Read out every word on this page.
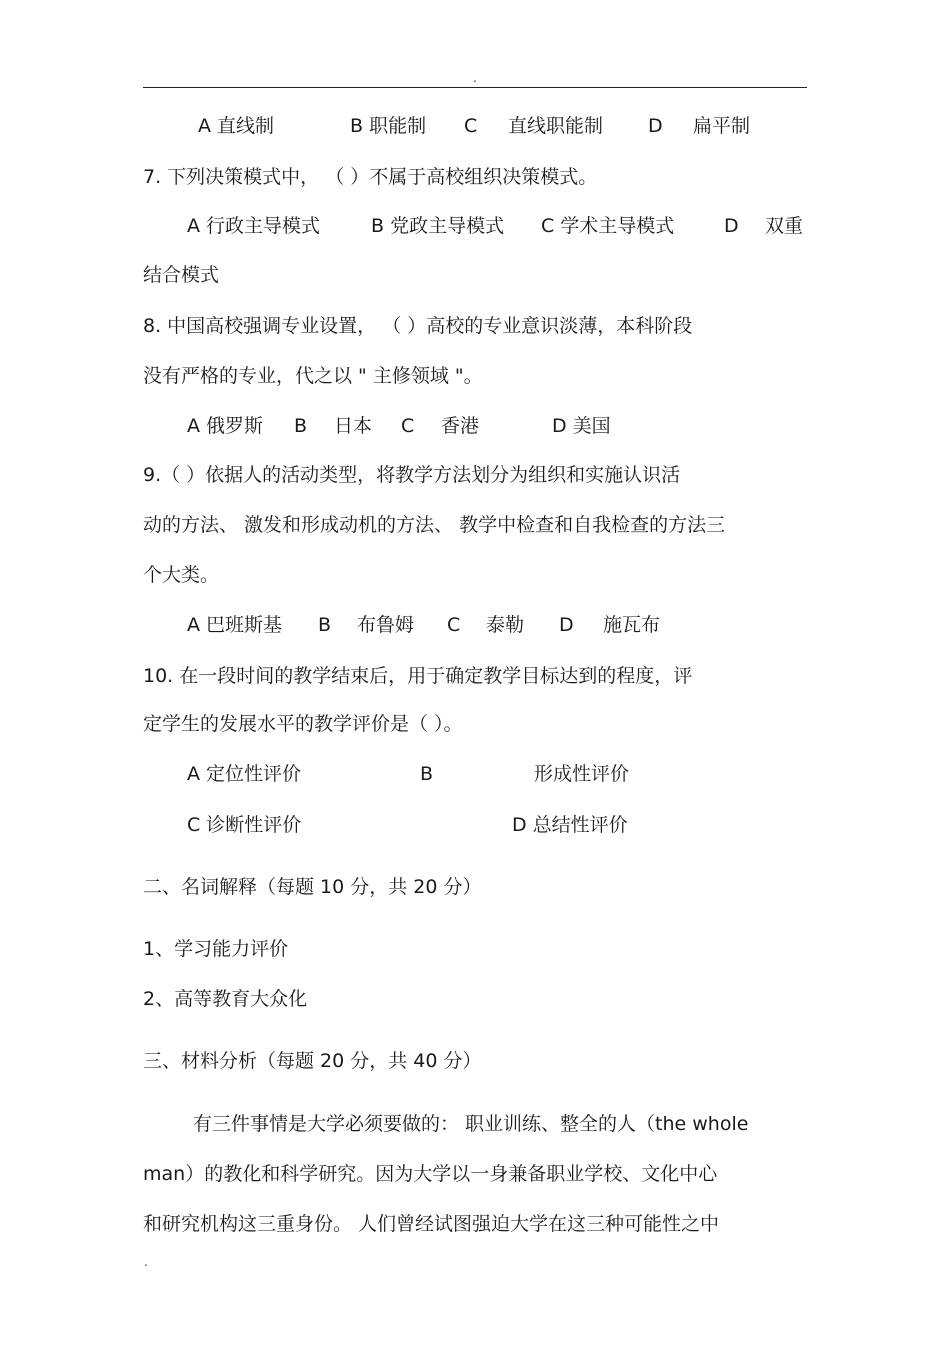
.
A 直线制	B 职能制 C 直线职能制 D 扁平制
7. 下列决策模式中， （ ）不属于高校组织决策模式。
A 行政主导模式	B 党政主导模式 C 学术主导模式	D 双重
结合模式
8. 中国高校强调专业设置， （ ）高校的专业意识淡薄，本科阶段
没有严格的专业，代之以 " 主修领域 "。
A 俄罗斯 B 日本 C 香港	D 美国
9.（ ）依据人的活动类型，将教学方法划分为组织和实施认识活
动的方法、 激发和形成动机的方法、 教学中检查和自我检查的方法三
个大类。
A 巴班斯基 B 布鲁姆 C 泰勒 D 施瓦布
10. 在一段时间的教学结束后，用于确定教学目标达到的程度，评
定学生的发展水平的教学评价是（ ）。
A 定位性评价	B	形成性评价
C 诊断性评价	D 总结性评价
二、名词解释（每题 10 分，共 20 分）
1、学习能力评价
2、高等教育大众化
三、材料分析（每题 20 分，共 40 分）
有三件事情是大学必须要做的： 职业训练、整全的人（the whole
man）的教化和科学研究。因为大学以一身兼备职业学校、文化中心
和研究机构这三重身份。 人们曾经试图强迫大学在这三种可能性之中
.
